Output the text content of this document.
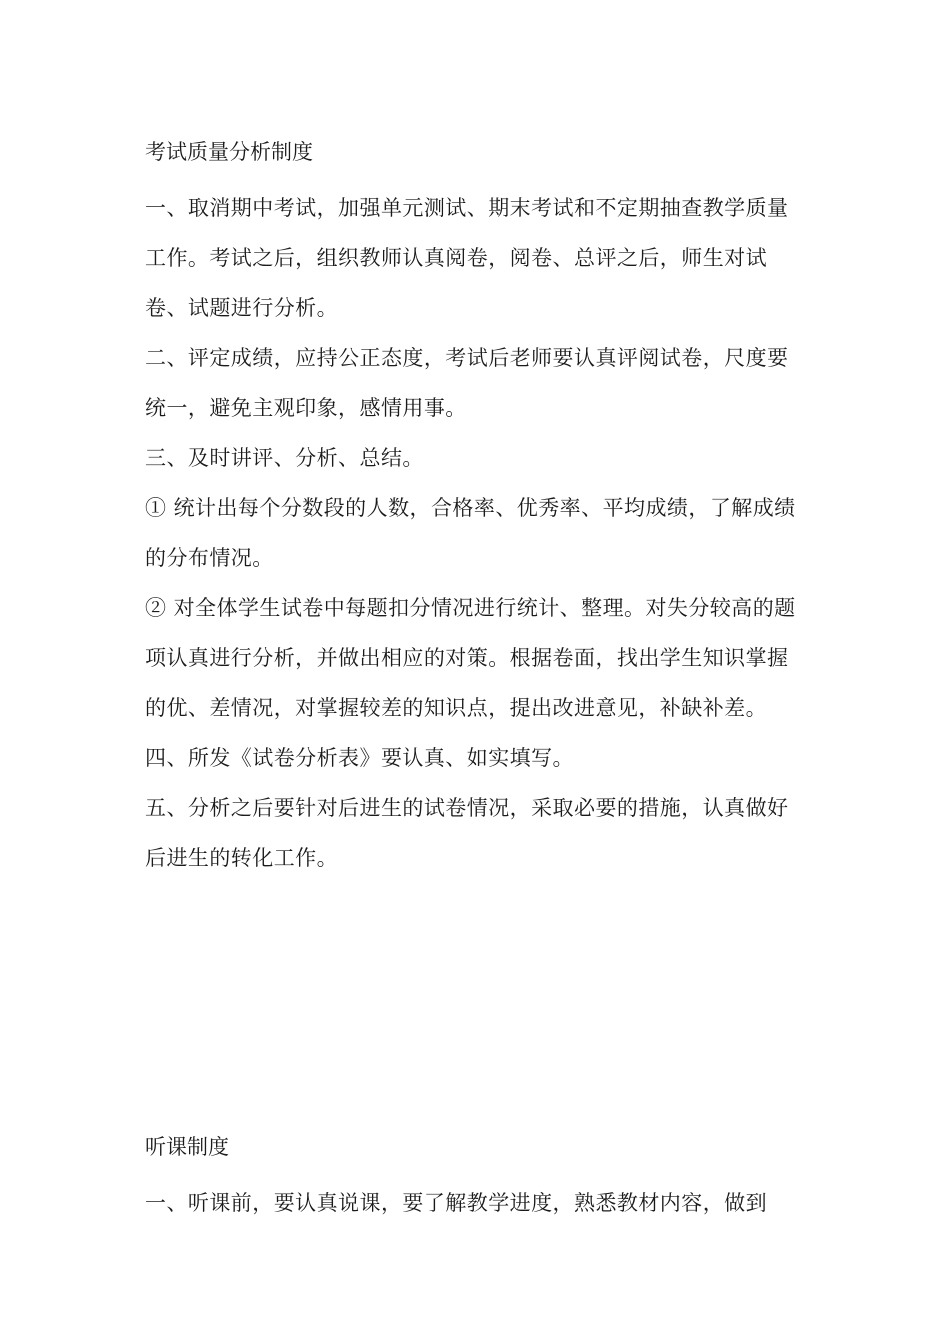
考试质量分析制度

一、取消期中考试，加强单元测试、期末考试和不定期抽查教学质量工作。考试之后，组织教师认真阅卷，阅卷、总评之后，师生对试卷、试题进行分析。

二、评定成绩，应持公正态度，考试后老师要认真评阅试卷，尺度要统一，避免主观印象，感情用事。

三、及时讲评、分析、总结。

① 统计出每个分数段的人数，合格率、优秀率、平均成绩，了解成绩的分布情况。

② 对全体学生试卷中每题扣分情况进行统计、整理。对失分较高的题项认真进行分析，并做出相应的对策。根据卷面，找出学生知识掌握的优、差情况，对掌握较差的知识点，提出改进意见，补缺补差。

四、所发《试卷分析表》要认真、如实填写。

五、分析之后要针对后进生的试卷情况，采取必要的措施，认真做好后进生的转化工作。

听课制度

一、听课前，要认真说课，要了解教学进度，熟悉教材内容，做到
